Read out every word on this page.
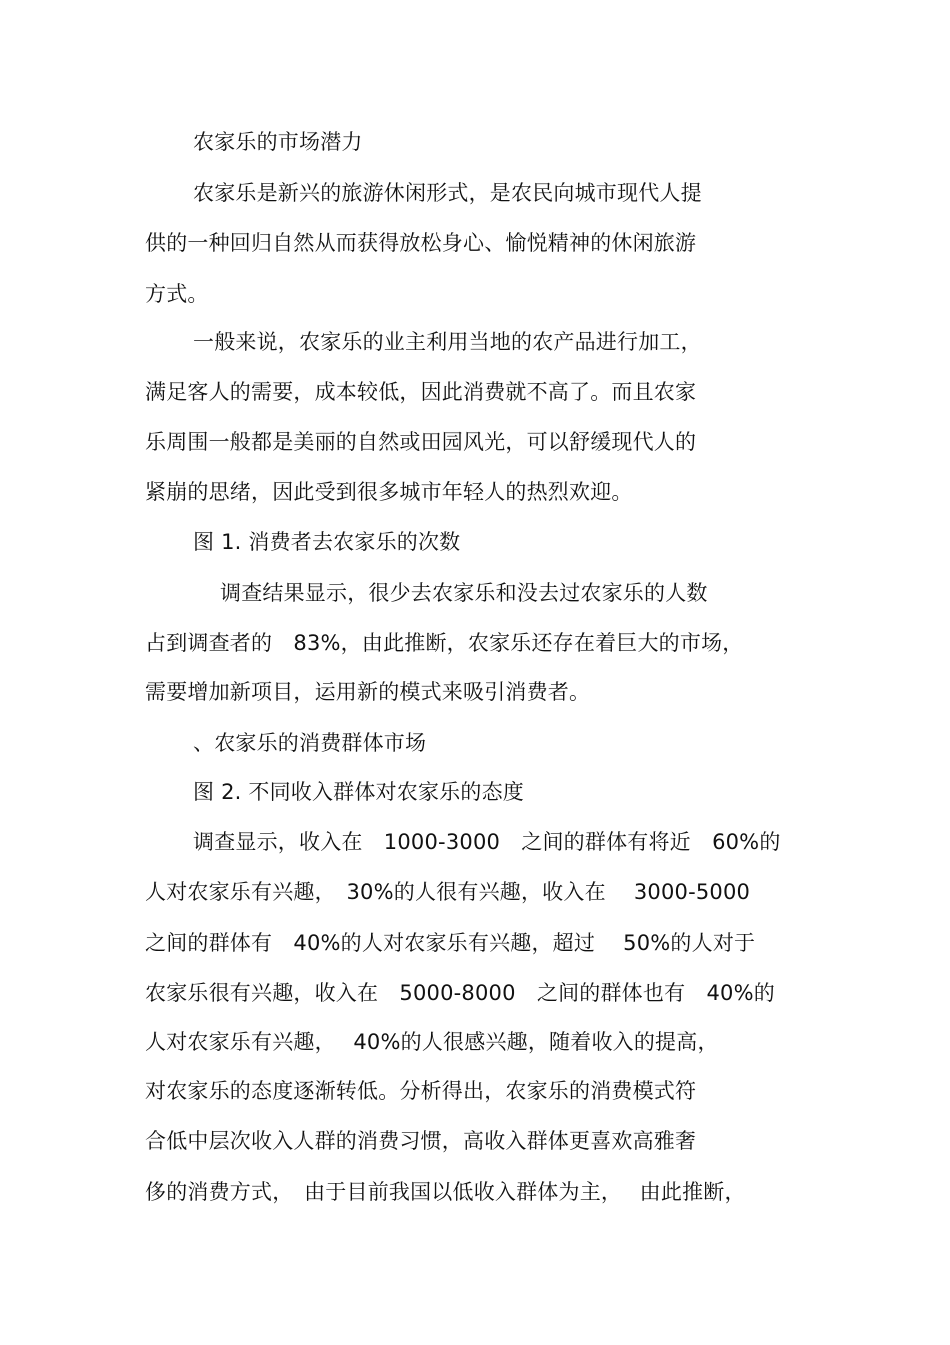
农家乐的市场潜力
农家乐是新兴的旅游休闲形式，是农民向城市现代人提
供的一种回归自然从而获得放松身心、愉悦精神的休闲旅游
方式。
一般来说，农家乐的业主利用当地的农产品进行加工，
满足客人的需要，成本较低，因此消费就不高了。而且农家
乐周围一般都是美丽的自然或田园风光，可以舒缓现代人的
紧崩的思绪，因此受到很多城市年轻人的热烈欢迎。
图 1. 消费者去农家乐的次数
调查结果显示，很少去农家乐和没去过农家乐的人数
占到调查者的　83%，由此推断，农家乐还存在着巨大的市场，
需要增加新项目，运用新的模式来吸引消费者。
、农家乐的消费群体市场
图 2. 不同收入群体对农家乐的态度
调查显示，收入在　1000-3000　之间的群体有将近　60%的
人对农家乐有兴趣，　30%的人很有兴趣，收入在　 3000-5000
之间的群体有　40%的人对农家乐有兴趣，超过　 50%的人对于
农家乐很有兴趣，收入在　5000-8000　之间的群体也有　40%的
人对农家乐有兴趣，　 40%的人很感兴趣，随着收入的提高，
对农家乐的态度逐渐转低。分析得出，农家乐的消费模式符
合低中层次收入人群的消费习惯，高收入群体更喜欢高雅奢
侈的消费方式，　由于目前我国以低收入群体为主，　 由此推断，
